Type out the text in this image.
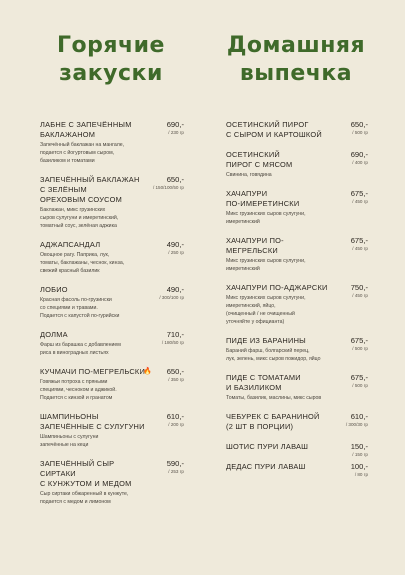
Горячие
закуски
ЛАБНЕ С ЗАПЕЧЁННЫМ
БАКЛАЖАНОМ
690,-
/ 230 гр
Запечённый баклажан на мангале,
подается с йогуртовым сыром,
базиликом и томатами
ЗАПЕЧЁННЫЙ БАКЛАЖАН
С ЗЕЛЁНЫМ
ОРЕХОВЫМ СОУСОМ
650,-
/ 150/100/50 гр
Баклажан, микс грузинских
сыров сулугуни и имеретинский,
томатный соус, зелёная аджика
АДЖАПСАНДАЛ	490,-
/ 250 гр
Овощное рагу. Паприка, лук,
томаты, баклажаны, чеснок, кинза,
свежий красный базилик
ЛОБИО	490,-
/ 300/100 гр
Красная фасоль по-грузински
со специями и травами.
Подается с капустой по-гурийски
ДОЛМА	710,-
/ 180/50 гр
Фарш из барашка с добавлением
риса в виноградных листьях
КУЧМАЧИ ПО-МЕГРЕЛЬСКИ
🔥 650,-
/ 350 гр
Говяжьи потроха с пряными
специями, чесноком и аджикой.
Подается с кинзой и гранатом
ШАМПИНЬОНЫ
ЗАПЕЧЁННЫЕ С СУЛУГУНИ
610,-
/ 200 гр
Шампиньоны с сулугуни
запечённые на кеци
ЗАПЕЧЁННЫЙ СЫР СИРТАКИ
С КУНЖУТОМ И МЕДОМ
590,-
/ 253 гр
Сыр сиртаки обжаренный в кунжуте,
подается с медом и лимоном
Домашняя
выпечка
ОСЕТИНСКИЙ ПИРОГ
С СЫРОМ И КАРТОШКОЙ
650,-
/ 500 гр
ОСЕТИНСКИЙ
ПИРОГ С МЯСОМ
690,-
/ 400 гр
Свинина, говядина
ХАЧАПУРИ
ПО-ИМЕРЕТИНСКИ
675,-
/ 450 гр
Микс грузинских сыров сулугуни,
имеретинский
ХАЧАПУРИ ПО-МЕГРЕЛЬСКИ
675,-
/ 450 гр
Микс грузинских сыров сулугуни,
имеретинский
ХАЧАПУРИ ПО-АДЖАРСКИ	750,-
/ 450 гр
Микс грузинских сыров сулугуни,
имеретинский, яйцо,
(очищенный / не очищенный
уточняйте у официанта)
ПИДЕ ИЗ БАРАНИНЫ	675,-
/ 500 гр
Бараний фарш, болгарский перец,
лук, зелень, микс сыров пожидор, яйцо
ПИДЕ С ТОМАТАМИ
И БАЗИЛИКОМ
675,-
/ 500 гр
Томаты, базилик, маслины, микс сыров
ЧЕБУРЕК С БАРАНИНОЙ
(2 ШТ В ПОРЦИИ)
610,-
/ 300/30 гр
ШОТИС ПУРИ ЛАВАШ	150,-
/ 150 гр
ДЕДАС ПУРИ ЛАВАШ	100,-
/ 80 гр
